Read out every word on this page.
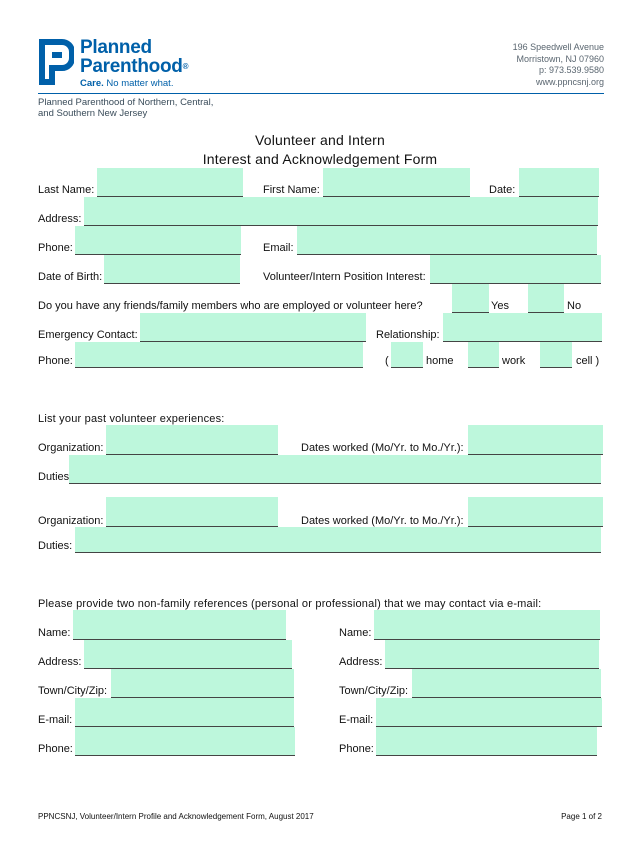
Planned
Parenthood®
Care. No matter what.
196 Speedwell Avenue
Morristown, NJ 07960
p: 973.539.9580
www.ppncsnj.org
Planned Parenthood of Northern, Central,
and Southern New Jersey
Volunteer and Intern
Interest and Acknowledgement Form
Last Name:	First Name:	Date:
Address:
Phone:	Email:
Date of Birth:	Volunteer/Intern Position Interest:
Do you have any friends/family members who are employed or volunteer here?	Yes	No
Emergency Contact:	Relationship:
Phone:	(	home	work	cell )
List your past volunteer experiences:
Organization:	Dates worked (Mo/Yr. to Mo./Yr.):
Duties
Organization:	Dates worked (Mo/Yr. to Mo./Yr.):
Duties:
Please provide two non-family references (personal or professional) that we may contact via e-mail:
Name:	Name:
Address:	Address:
Town/City/Zip:	Town/City/Zip:
E-mail:	E-mail:
Phone:	Phone:
PPNCSNJ, Volunteer/Intern Profile and Acknowledgement Form, August 2017	Page 1 of 2
